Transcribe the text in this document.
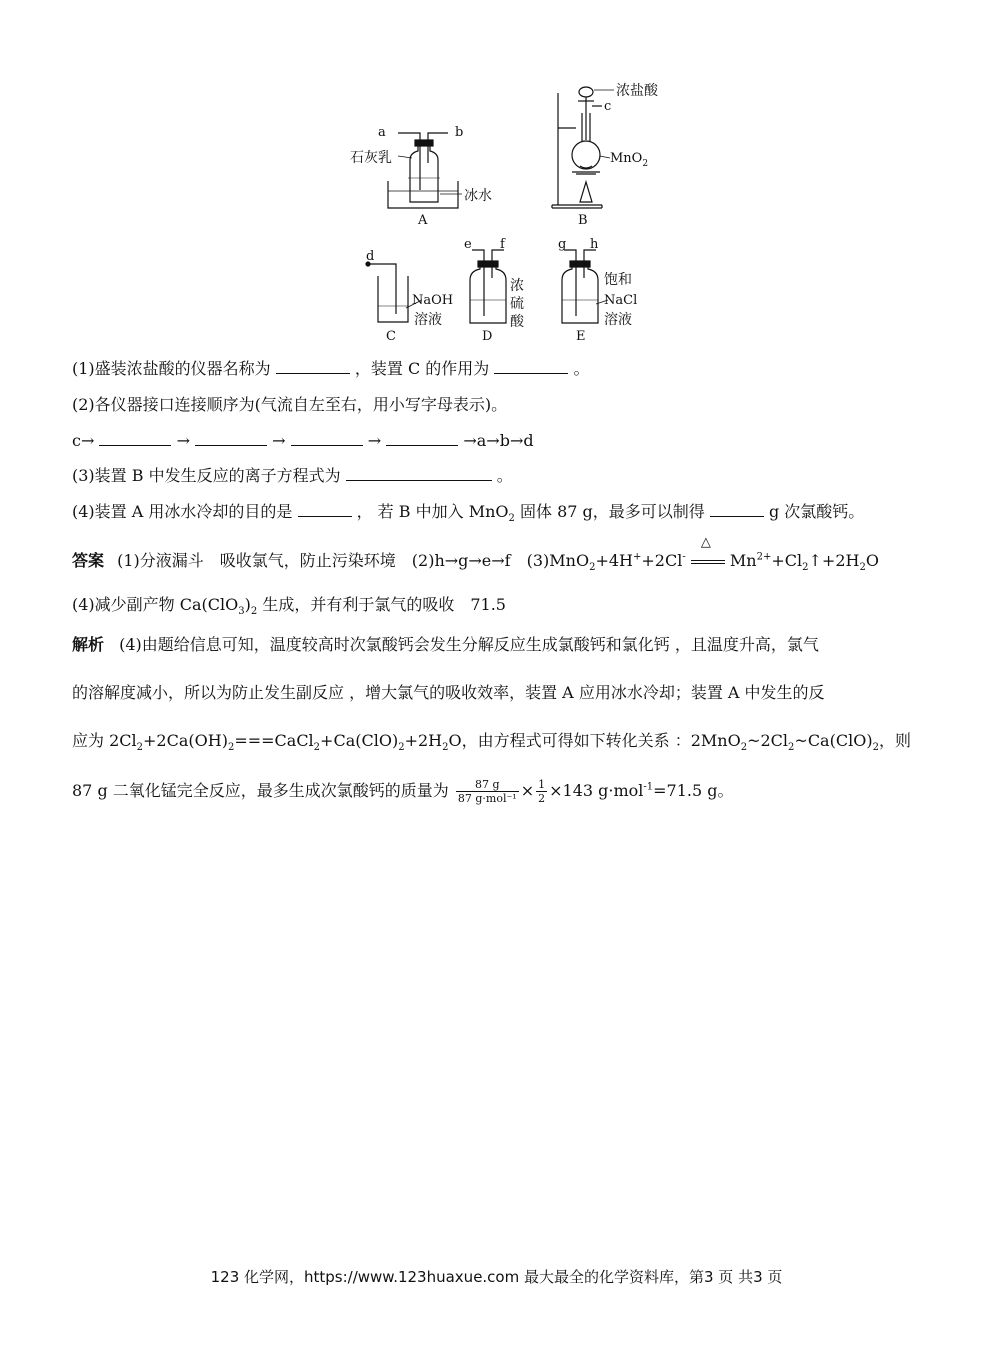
a	b
石灰乳
冰水
A
浓盐酸
c
MnO$_2$
B
d
NaOH
溶液
C
e f
浓
硫
酸
D
g h
饱和
NaCl
溶液
E
(1)盛装浓盐酸的仪器名称为	，装置 C 的作用为	。
(2)各仪器接口连接顺序为(气流自左至右，用小写字母表示)。
c→	→	→	→	→a→b→d
(3)装置 B 中发生反应的离子方程式为	。
(4)装置 A 用冰水冷却的目的是	， 若 B 中加入 MnO$_2$ 固体 87 g，最多可以制得	g 次氯酸钙。
答案 (1)分液漏斗　吸收氯气，防止污染环境　(2)h→g→e→f　(3)MnO$_2$+4H++2Cl-
△
$Mn^{2+}+Cl_2↑+2H_2O$
(4)减少副产物 $Ca(ClO_3)_2$ 生成，并有利于氯气的吸收　71.5
解析 (4)由题给信息可知，温度较高时次氯酸钙会发生分解反应生成氯酸钙和氯化钙 ，且温度升高，氯气
的溶解度减小，所以为防止发生副反应 ，增大氯气的吸收效率，装置 A 应用冰水冷却；装置 A 中发生的反
应为 $2Cl_2+2Ca(OH)_2===CaCl_2+Ca(ClO)_2+2H_2O$，由方程式可得如下转化关系 ：$2MnO_2\sim 2Cl_2\sim Ca(ClO)_2$，则
87 g 二氧化锰完全反应，最多生成次氯酸钙的质量为 $\frac{87 g}{\text{87 g·mol⁻¹}} \times \frac{1}{2} \times 143$ g·mol$^{-1}$=71.5 g。
123 化学网，https://www.123huaxue.com 最大最全的化学资料库，第3 页 共3 页
